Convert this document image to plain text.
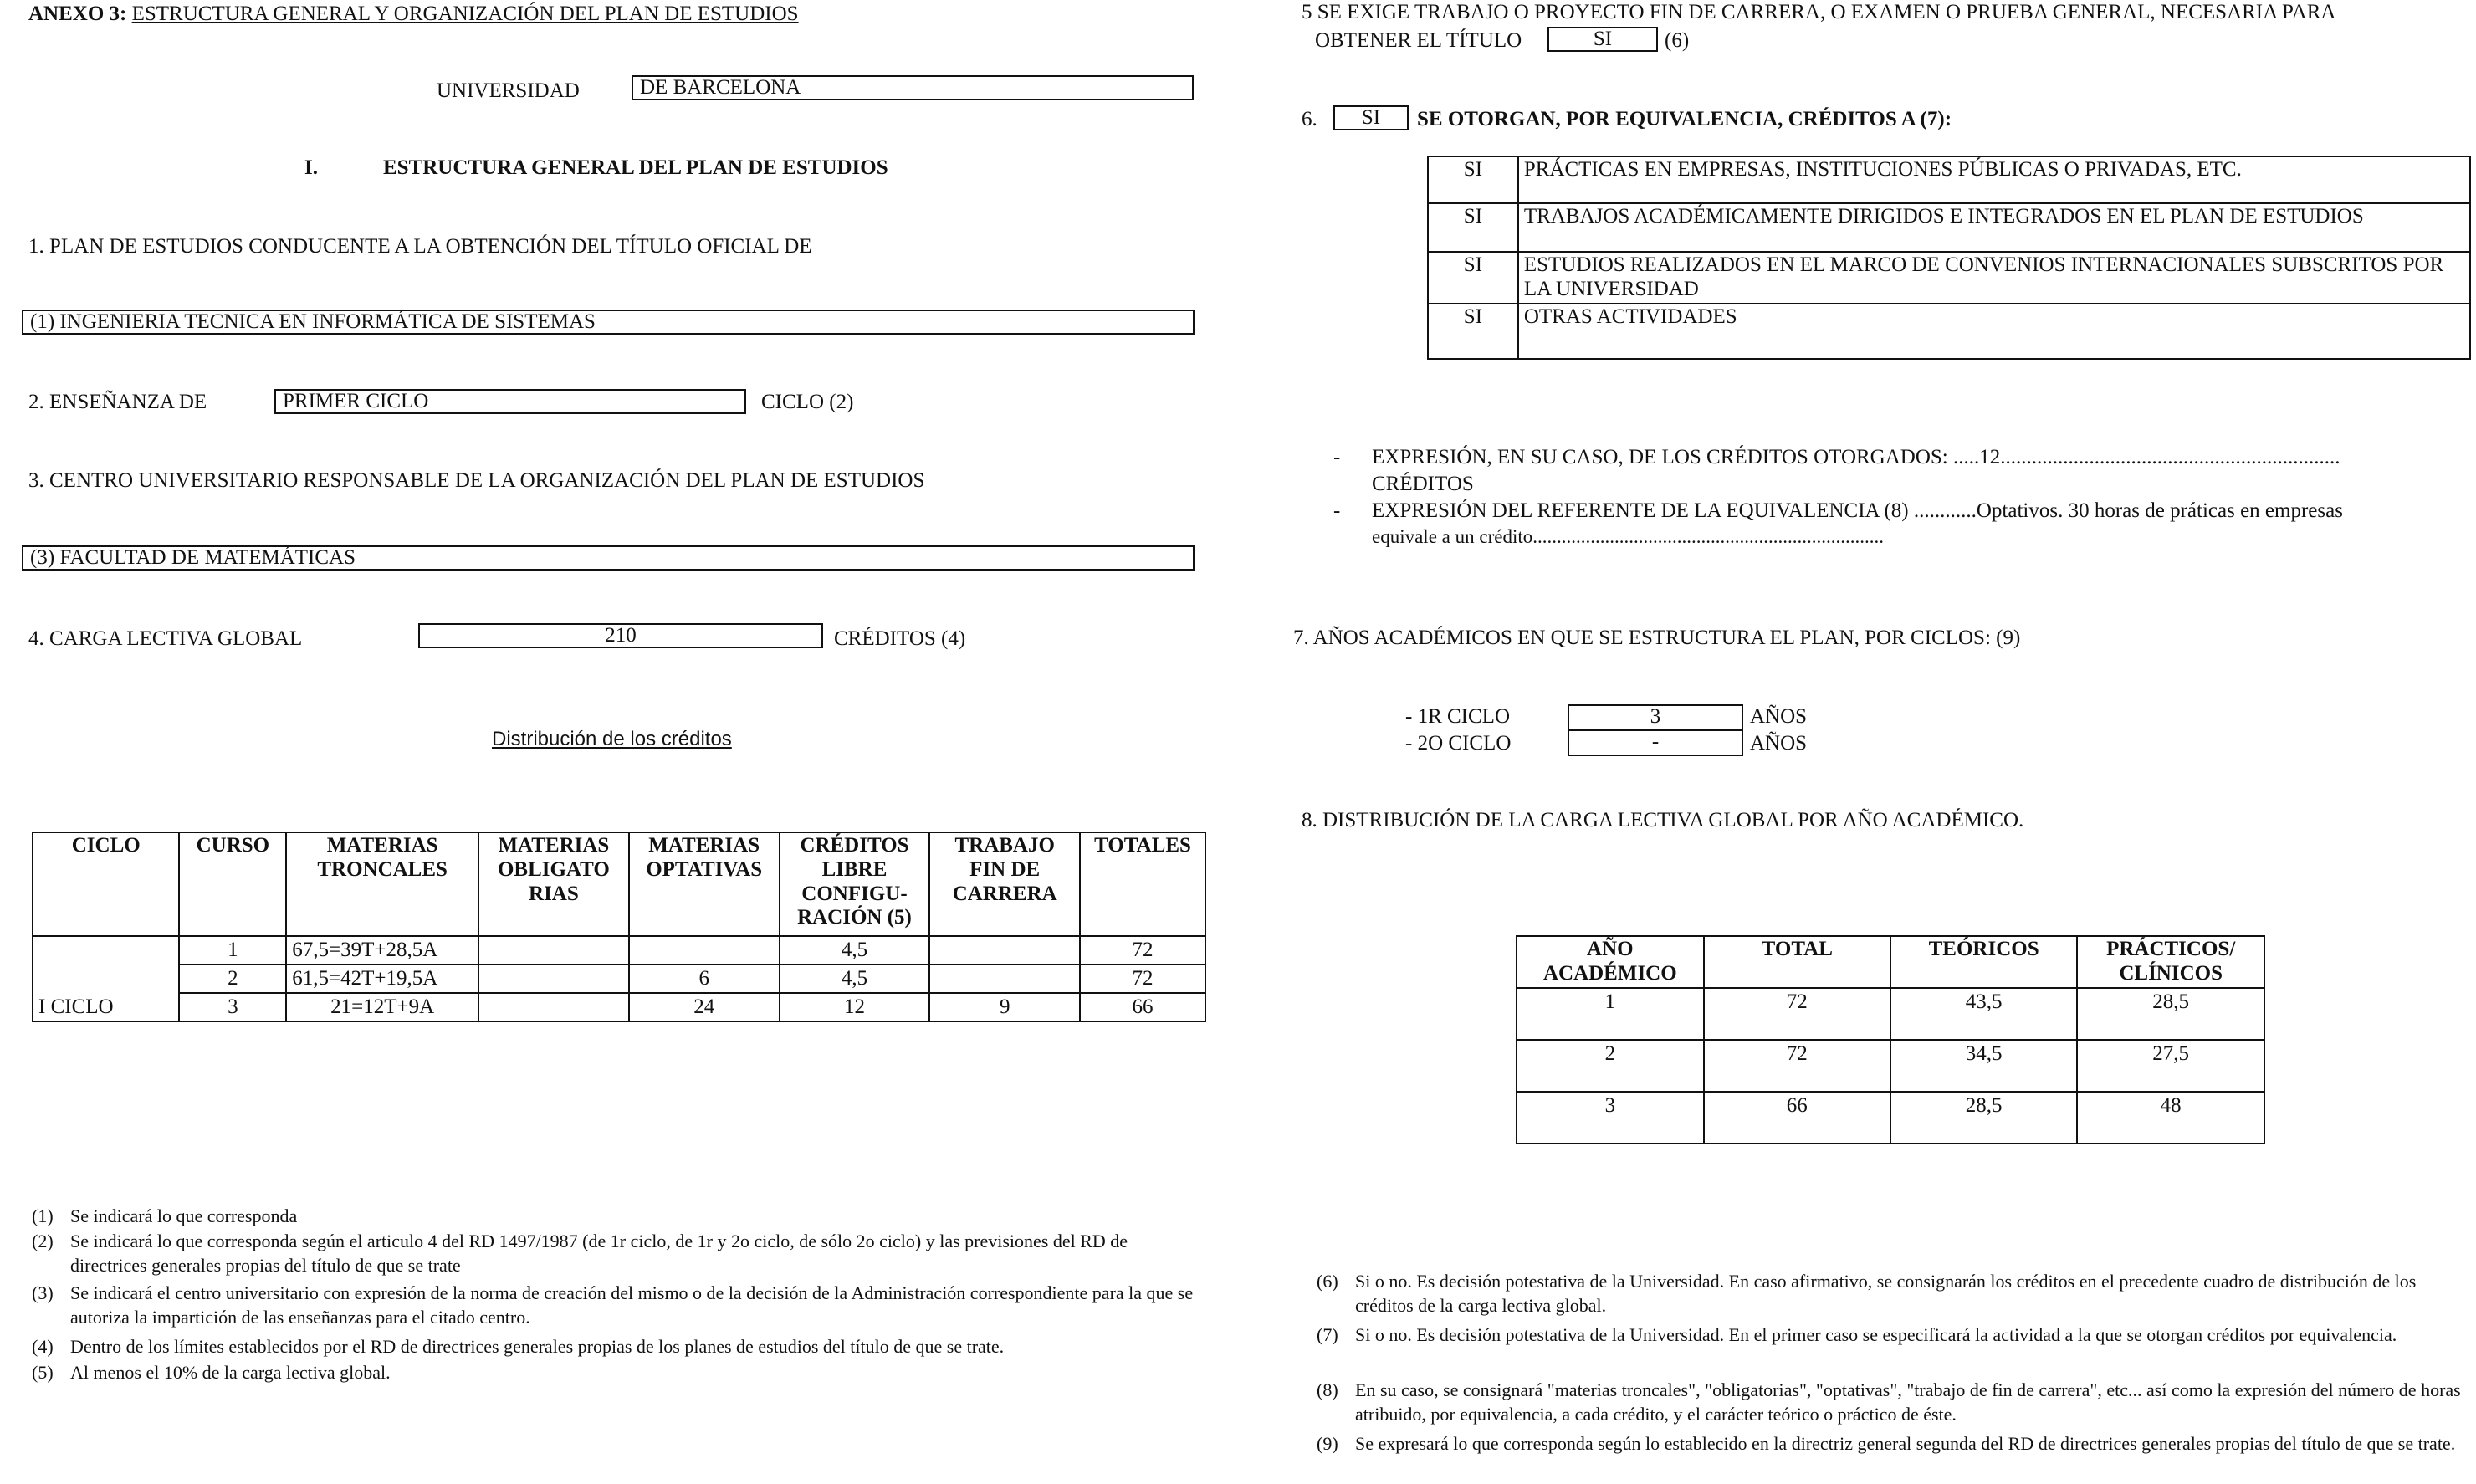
ANEXO 3: ESTRUCTURA GENERAL Y ORGANIZACIÓN DEL PLAN DE ESTUDIOS
UNIVERSIDAD	DE BARCELONA
I.	ESTRUCTURA GENERAL DEL PLAN DE ESTUDIOS
1. PLAN DE ESTUDIOS CONDUCENTE A LA OBTENCIÓN DEL TÍTULO OFICIAL DE
(1) INGENIERIA TECNICA EN INFORMÁTICA DE SISTEMAS
2. ENSEÑANZA DE	PRIMER CICLO	CICLO (2)
3. CENTRO UNIVERSITARIO RESPONSABLE DE LA ORGANIZACIÓN DEL PLAN DE ESTUDIOS
(3) FACULTAD DE MATEMÁTICAS
4. CARGA LECTIVA GLOBAL	210	CRÉDITOS (4)
Distribución de los créditos
CICLO	CURSO	MATERIAS TRONCALES	MATERIAS OBLIGATO RIAS	MATERIAS OPTATIVAS	CRÉDITOS LIBRE CONFIGU-RACIÓN (5)	TRABAJO FIN DE CARRERA	TOTALES
I CICLO	1	67,5=39T+28,5A			4,5		72
	2	61,5=42T+19,5A		6	4,5		72
	3	21=12T+9A		24	12	9	66
(1) Se indicará lo que corresponda
(2) Se indicará lo que corresponda según el articulo 4 del RD 1497/1987 (de 1r ciclo, de 1r y 2o ciclo, de sólo 2o ciclo) y las previsiones del RD de directrices generales propias del título de que se trate
(3) Se indicará el centro universitario con expresión de la norma de creación del mismo o de la decisión de la Administración correspondiente para la que se autoriza la impartición de las enseñanzas para el citado centro.
(4) Dentro de los límites establecidos por el RD de directrices generales propias de los planes de estudios del título de que se trate.
(5) Al menos el 10% de la carga lectiva global.
5 SE EXIGE TRABAJO O PROYECTO FIN DE CARRERA, O EXAMEN O PRUEBA GENERAL, NECESARIA PARA
OBTENER EL TÍTULO	SI	(6)
6.	SI	SE OTORGAN, POR EQUIVALENCIA, CRÉDITOS A (7):
SI	PRÁCTICAS EN EMPRESAS, INSTITUCIONES PÚBLICAS O PRIVADAS, ETC.
SI	TRABAJOS ACADÉMICAMENTE DIRIGIDOS E INTEGRADOS EN EL PLAN DE ESTUDIOS
SI	ESTUDIOS REALIZADOS EN EL MARCO DE CONVENIOS INTERNACIONALES SUBSCRITOS POR LA UNIVERSIDAD
SI	OTRAS ACTIVIDADES
- EXPRESIÓN, EN SU CASO, DE LOS CRÉDITOS OTORGADOS: .....12.................................................................
CRÉDITOS
- EXPRESIÓN DEL REFERENTE DE LA EQUIVALENCIA (8) ............Optativos. 30 horas de práticas en empresas
equivale a un crédito.........................................................................
7. AÑOS ACADÉMICOS EN QUE SE ESTRUCTURA EL PLAN, POR CICLOS: (9)
- 1R CICLO	3	AÑOS
- 2O CICLO	-	AÑOS
8. DISTRIBUCIÓN DE LA CARGA LECTIVA GLOBAL POR AÑO ACADÉMICO.
AÑO ACADÉMICO	TOTAL	TEÓRICOS	PRÁCTICOS/ CLÍNICOS
1	72	43,5	28,5
2	72	34,5	27,5
3	66	28,5	48
(6) Si o no. Es decisión potestativa de la Universidad. En caso afirmativo, se consignarán los créditos en el precedente cuadro de distribución de los créditos de la carga lectiva global.
(7) Si o no. Es decisión potestativa de la Universidad. En el primer caso se especificará la actividad a la que se otorgan créditos por equivalencia.
(8) En su caso, se consignará "materias troncales", "obligatorias", "optativas", "trabajo de fin de carrera", etc... así como la expresión del número de horas atribuido, por equivalencia, a cada crédito, y el carácter teórico o práctico de éste.
(9) Se expresará lo que corresponda según lo establecido en la directriz general segunda del RD de directrices generales propias del título de que se trate.
